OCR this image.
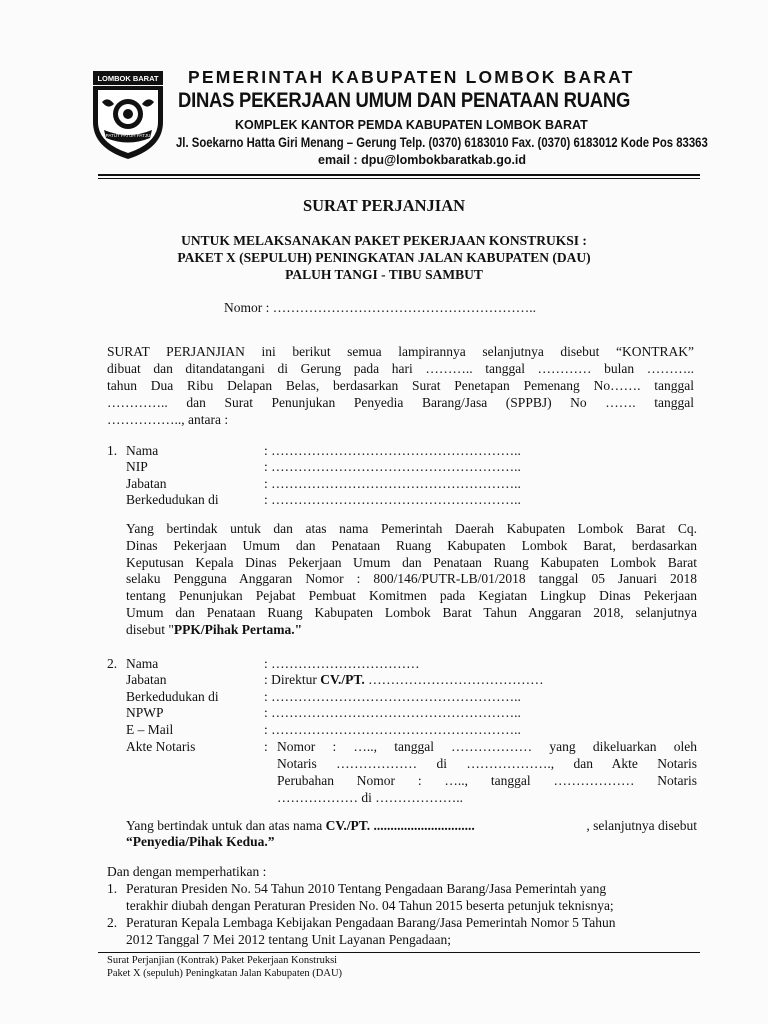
LOMBOK BARAT
PATUT PATUH PATJU
PEMERINTAH KABUPATEN LOMBOK BARAT
DINAS PEKERJAAN UMUM DAN PENATAAN RUANG
KOMPLEK KANTOR PEMDA KABUPATEN LOMBOK BARAT
Jl. Soekarno Hatta Giri Menang – Gerung Telp. (0370) 6183010 Fax. (0370) 6183012 Kode Pos 83363
email : dpu@lombokbaratkab.go.id
SURAT PERJANJIAN
UNTUK MELAKSANAKAN PAKET PEKERJAAN KONSTRUKSI :
PAKET X (SEPULUH) PENINGKATAN JALAN KABUPATEN (DAU)
PALUH TANGI - TIBU SAMBUT
Nomor : …………………………………………………..
SURAT PERJANJIAN ini berikut semua lampirannya selanjutnya disebut “KONTRAK”
dibuat dan ditandatangani di Gerung pada hari ……….. tanggal ………… bulan ………..
tahun Dua Ribu Delapan Belas, berdasarkan Surat Penetapan Pemenang No……. tanggal
………….. dan Surat Penunjukan Penyedia Barang/Jasa (SPPBJ) No ……. tanggal
…………….., antara :
1. Nama	: ………………………………………………..
NIP	: ………………………………………………..
Jabatan	: ………………………………………………..
Berkedudukan di	: ………………………………………………..
Yang bertindak untuk dan atas nama Pemerintah Daerah Kabupaten Lombok Barat Cq.
Dinas Pekerjaan Umum dan Penataan Ruang Kabupaten Lombok Barat, berdasarkan
Keputusan Kepala Dinas Pekerjaan Umum dan Penataan Ruang Kabupaten Lombok Barat
selaku Pengguna Anggaran Nomor : 800/146/PUTR-LB/01/2018 tanggal 05 Januari 2018
tentang Penunjukan Pejabat Pembuat Komitmen pada Kegiatan Lingkup Dinas Pekerjaan
Umum dan Penataan Ruang Kabupaten Lombok Barat Tahun Anggaran 2018, selanjutnya
disebut "PPK/Pihak Pertama."
2. Nama	: ……………………………
Jabatan	: Direktur CV./PT. …………………………………
Berkedudukan di	: ………………………………………………..
NPWP	: ………………………………………………..
E – Mail	: ………………………………………………..
Akte Notaris	: Nomor : ….., tanggal ……………… yang dikeluarkan oleh
Notaris ……………… di ………………., dan Akte Notaris
Perubahan Nomor : ….., tanggal ……………… Notaris
……………… di ………………..
Yang bertindak untuk dan atas nama CV./PT. ..............................	, selanjutnya disebut
“Penyedia/Pihak Kedua.”
Dan dengan memperhatikan :
1. Peraturan Presiden No. 54 Tahun 2010 Tentang Pengadaan Barang/Jasa Pemerintah yang
terakhir diubah dengan Peraturan Presiden No. 04 Tahun 2015 beserta petunjuk teknisnya;
2. Peraturan Kepala Lembaga Kebijakan Pengadaan Barang/Jasa Pemerintah Nomor 5 Tahun
2012 Tanggal 7 Mei 2012 tentang Unit Layanan Pengadaan;
Surat Perjanjian (Kontrak) Paket Pekerjaan Konstruksi
Paket X (sepuluh) Peningkatan Jalan Kabupaten (DAU)
